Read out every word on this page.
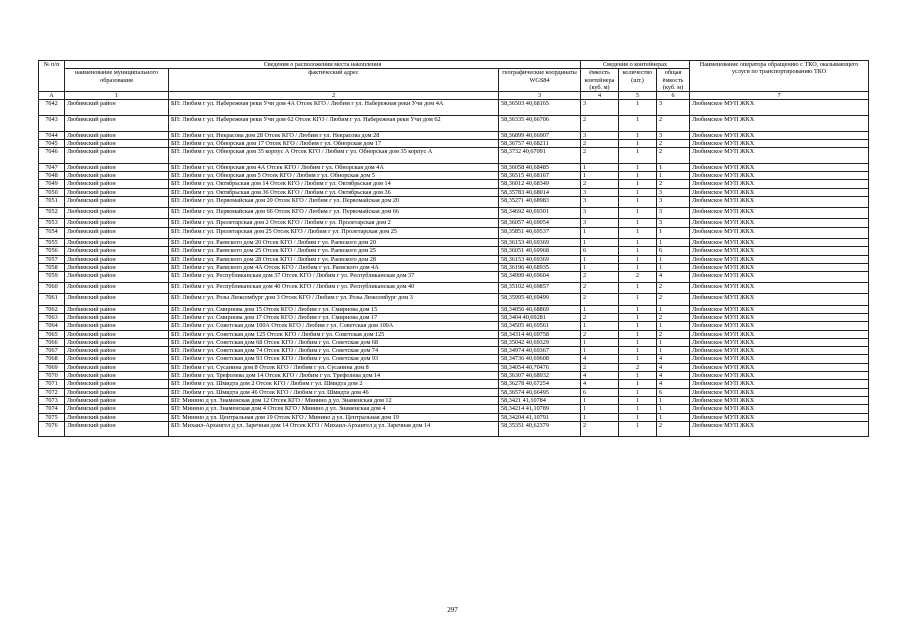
№ п/п	Сведения о расположении места накопления			Сведения о контейнерах			Наименование оператора обращению с ТКО, оказывающего услуги по транспортированию ТКО
	наименование муниципального образования	фактический адрес	географические координаты WGS84	ёмкость контейнера (куб. м)	количество (шт.)	общая ёмкость (куб. м)	
А	1	2	3	4	5	6	7
7042	Любимский район	БП: Любим г ул. Набережная реки Учи дом 4А Отсек КГО / Любим г ул. Набережная реки Учи дом 4А	58,36503 40,68165	3	1	3	Любимское МУП ЖКХ
7043	Любимский район	БП: Любим г ул. Набережная реки Учи дом 62 Отсек КГО / Любим г ул. Набережная реки Учи дом 62	58,36335 40,66706	2	1	2	Любимское МУП ЖКХ
7044	Любимский район	БП: Любим г ул. Некрасова дом 28 Отсек КГО / Любим г ул. Некрасова дом 28	58,36899 40,66907	3	1	3	Любимское МУП ЖКХ
7045	Любимский район	БП: Любим г ул. Обнорская дом 17 Отсек КГО / Любим г ул. Обнорская дом 17	58,36757 40,68211	2	1	2	Любимское МУП ЖКХ
7046	Любимский район	БП: Любим г ул. Обнорская дом 35 корпус А Отсек КГО / Любим г ул. Обнорская дом 35 корпус А	58,3732 40,67091	2	1	2	Любимское МУП ЖКХ
7047	Любимский район	БП: Любим г ул. Обнорская дом 4А Отсек КГО / Любим г ул. Обнорская дом 4А	58,36058 40,68485	1	1	1	Любимское МУП ЖКХ
7048	Любимский район	БП: Любим г ул. Обнорская дом 5 Отсек КГО / Любим г ул. Обнорская дом 5	58,36515 40,68167	1	1	1	Любимское МУП ЖКХ
7049	Любимский район	БП: Любим г ул. Октябрьская дом 14 Отсек КГО / Любим г ул. Октябрьская дом 14	58,36012 40,68349	2	1	2	Любимское МУП ЖКХ
7050	Любимский район	БП: Любим г ул. Октябрьская дом 36 Отсек КГО / Любим г ул. Октябрьская дом 36	58,35783 40,68014	3	1	3	Любимское МУП ЖКХ
7051	Любимский район	БП: Любим г ул. Первомайская дом 20 Отсек КГО / Любим г ул. Первомайская дом 20	58,35271 40,68983	3	1	3	Любимское МУП ЖКХ
7052	Любимский район	БП: Любим г ул. Первомайская дом 66 Отсек КГО / Любим г ул. Первомайская дом 66	58,34692 40,69301	3	1	3	Любимское МУП ЖКХ
7053	Любимский район	БП: Любим г ул. Пролетарская дом 2 Отсек КГО / Любим г ул. Пролетарская дом 2	58,36057 40,69054	3	1	3	Любимское МУП ЖКХ
7054	Любимский район	БП: Любим г ул. Пролетарская дом 25 Отсек КГО / Любим г ул. Пролетарская дом 25	58,35851 40,69537	1	1	1	Любимское МУП ЖКХ
7055	Любимский район	БП: Любим г ул. Раевского дом 20 Отсек КГО / Любим г ул. Раевского дом 20	58,36153 40,69369	1	1	1	Любимское МУП ЖКХ
7056	Любимский район	БП: Любим г ул. Раевского дом 25 Отсек КГО / Любим г ул. Раевского дом 25	58,36051 40,69968	6	1	6	Любимское МУП ЖКХ
7057	Любимский район	БП: Любим г ул. Раевского дом 28 Отсек КГО / Любим г ул. Раевского дом 28	58,36153 40,69369	1	1	1	Любимское МУП ЖКХ
7058	Любимский район	БП: Любим г ул. Раевского дом 4А Отсек КГО / Любим г ул. Раевского дом 4А	58,36196 40,68935	1	1	1	Любимское МУП ЖКХ
7059	Любимский район	БП: Любим г ул. Республиканская дом 37 Отсек КГО / Любим г ул. Республиканская дом 37	58,34999 40,69604	2	2	4	Любимское МУП ЖКХ
7060	Любимский район	БП: Любим г ул. Республиканская дом 40 Отсек КГО / Любим г ул. Республиканская дом 40	58,35102 40,69857	2	1	2	Любимское МУП ЖКХ
7061	Любимский район	БП: Любим г ул. Розы Люксембург дом 3 Отсек КГО / Любим г ул. Розы Люксембург дом 3	58,35995 40,69499	2	1	2	Любимское МУП ЖКХ
7062	Любимский район	БП: Любим г ул. Смирнова дом 15 Отсек КГО / Любим г ул. Смирнова дом 15	58,34056 40,68869	1	1	1	Любимское МУП ЖКХ
7063	Любимский район	БП: Любим г ул. Смирнова дом 17 Отсек КГО / Любим г ул. Смирнова дом 17	58,3404 40,69281	2	1	2	Любимское МУП ЖКХ
7064	Любимский район	БП: Любим г ул. Советская дом 100А Отсек КГО / Любим г ул. Советская дом 100А	58,34505 40,69561	1	1	1	Любимское МУП ЖКХ
7065	Любимский район	БП: Любим г ул. Советская дом 125 Отсек КГО / Любим г ул. Советская дом 125	58,34314 40,69758	2	1	2	Любимское МУП ЖКХ
7066	Любимский район	БП: Любим г ул. Советская дом 68 Отсек КГО / Любим г ул. Советская дом 68	58,35042 40,69329	1	1	1	Любимское МУП ЖКХ
7067	Любимский район	БП: Любим г ул. Советская дом 74 Отсек КГО / Любим г ул. Советская дом 74	58,34974 40,69367	1	1	1	Любимское МУП ЖКХ
7068	Любимский район	БП: Любим г ул. Советская дом 93 Отсек КГО / Любим г ул. Советская дом 93	58,34736 40,69608	4	1	4	Любимское МУП ЖКХ
7069	Любимский район	БП: Любим г ул. Сусанина дом 8 Отсек КГО / Любим г ул. Сусанина дом 8	58,34054 40,70476	2	2	4	Любимское МУП ЖКХ
7070	Любимский район	БП: Любим г ул. Трефолева дом 14 Отсек КГО / Любим г ул. Трефолева дом 14	58,36307 40,68932	4	1	4	Любимское МУП ЖКХ
7071	Любимский район	БП: Любим г ул. Шмидта дом 2 Отсек КГО / Любим г ул. Шмидта дом 2	58,36278 40,67254	4	1	4	Любимское МУП ЖКХ
7072	Любимский район	БП: Любим г ул. Шмидта дом 46 Отсек КГО / Любим г ул. Шмидта дом 46	58,36574 40,66495	6	1	6	Любимское МУП ЖКХ
7073	Любимский район	БП: Минино д ул. Знаменская дом 12 Отсек КГО / Минино д ул. Знаменская дом 12	58,3421 41,10784	1	1	1	Любимское МУП ЖКХ
7074	Любимский район	БП: Минино д ул. Знаменская дом 4 Отсек КГО / Минино д ул. Знаменская дом 4	58,34214 41,10789	1	1	1	Любимское МУП ЖКХ
7075	Любимский район	БП: Минино д ул. Центральная дом 19 Отсек КГО / Минино д ул. Центральная дом 19	58,34204 41,10791	1	1	1	Любимское МУП ЖКХ
7076	Любимский район	БП: Михаил-Архангел д ул. Заречная дом 14 Отсек КГО / Михаил-Архангел д ул. Заречная дом 14	58,35351 40,62379	2	1	2	Любимское МУП ЖКХ
297
